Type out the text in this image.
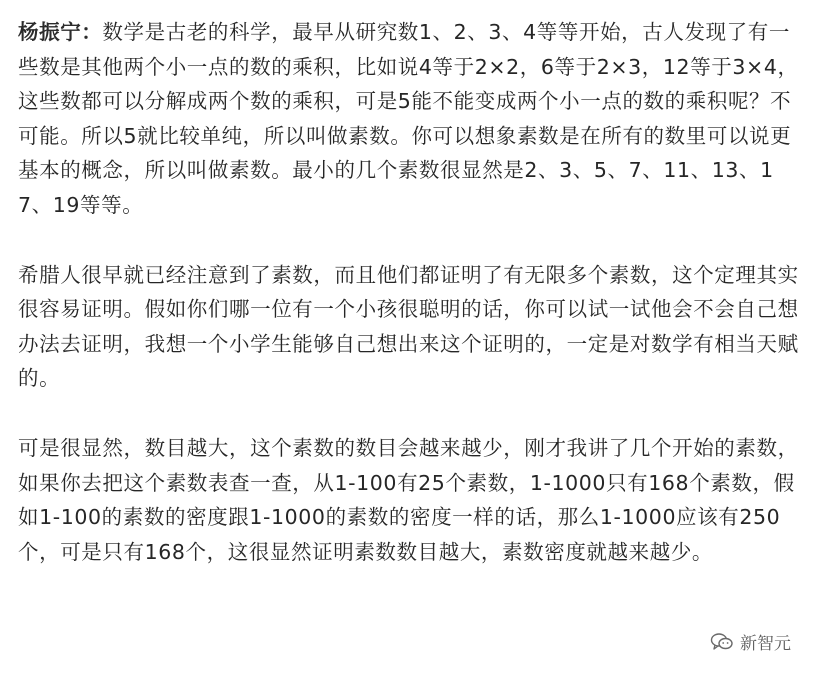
杨振宁：数学是古老的科学，最早从研究数1、2、3、4等等开始，古人发现了有一些数是其他两个小一点的数的乘积，比如说4等于2×2，6等于2×3，12等于3×4，这些数都可以分解成两个数的乘积，可是5能不能变成两个小一点的数的乘积呢？不可能。所以5就比较单纯，所以叫做素数。你可以想象素数是在所有的数里可以说更基本的概念，所以叫做素数。最小的几个素数很显然是2、3、5、7、11、13、17、19等等。

希腊人很早就已经注意到了素数，而且他们都证明了有无限多个素数，这个定理其实很容易证明。假如你们哪一位有一个小孩很聪明的话，你可以试一试他会不会自己想办法去证明，我想一个小学生能够自己想出来这个证明的，一定是对数学有相当天赋的。

可是很显然，数目越大，这个素数的数目会越来越少，刚才我讲了几个开始的素数，如果你去把这个素数表查一查，从1-100有25个素数，1-1000只有168个素数，假如1-100的素数的密度跟1-1000的素数的密度一样的话，那么1-1000应该有250个，可是只有168个，这很显然证明素数数目越大，素数密度就越来越少。

新智元
